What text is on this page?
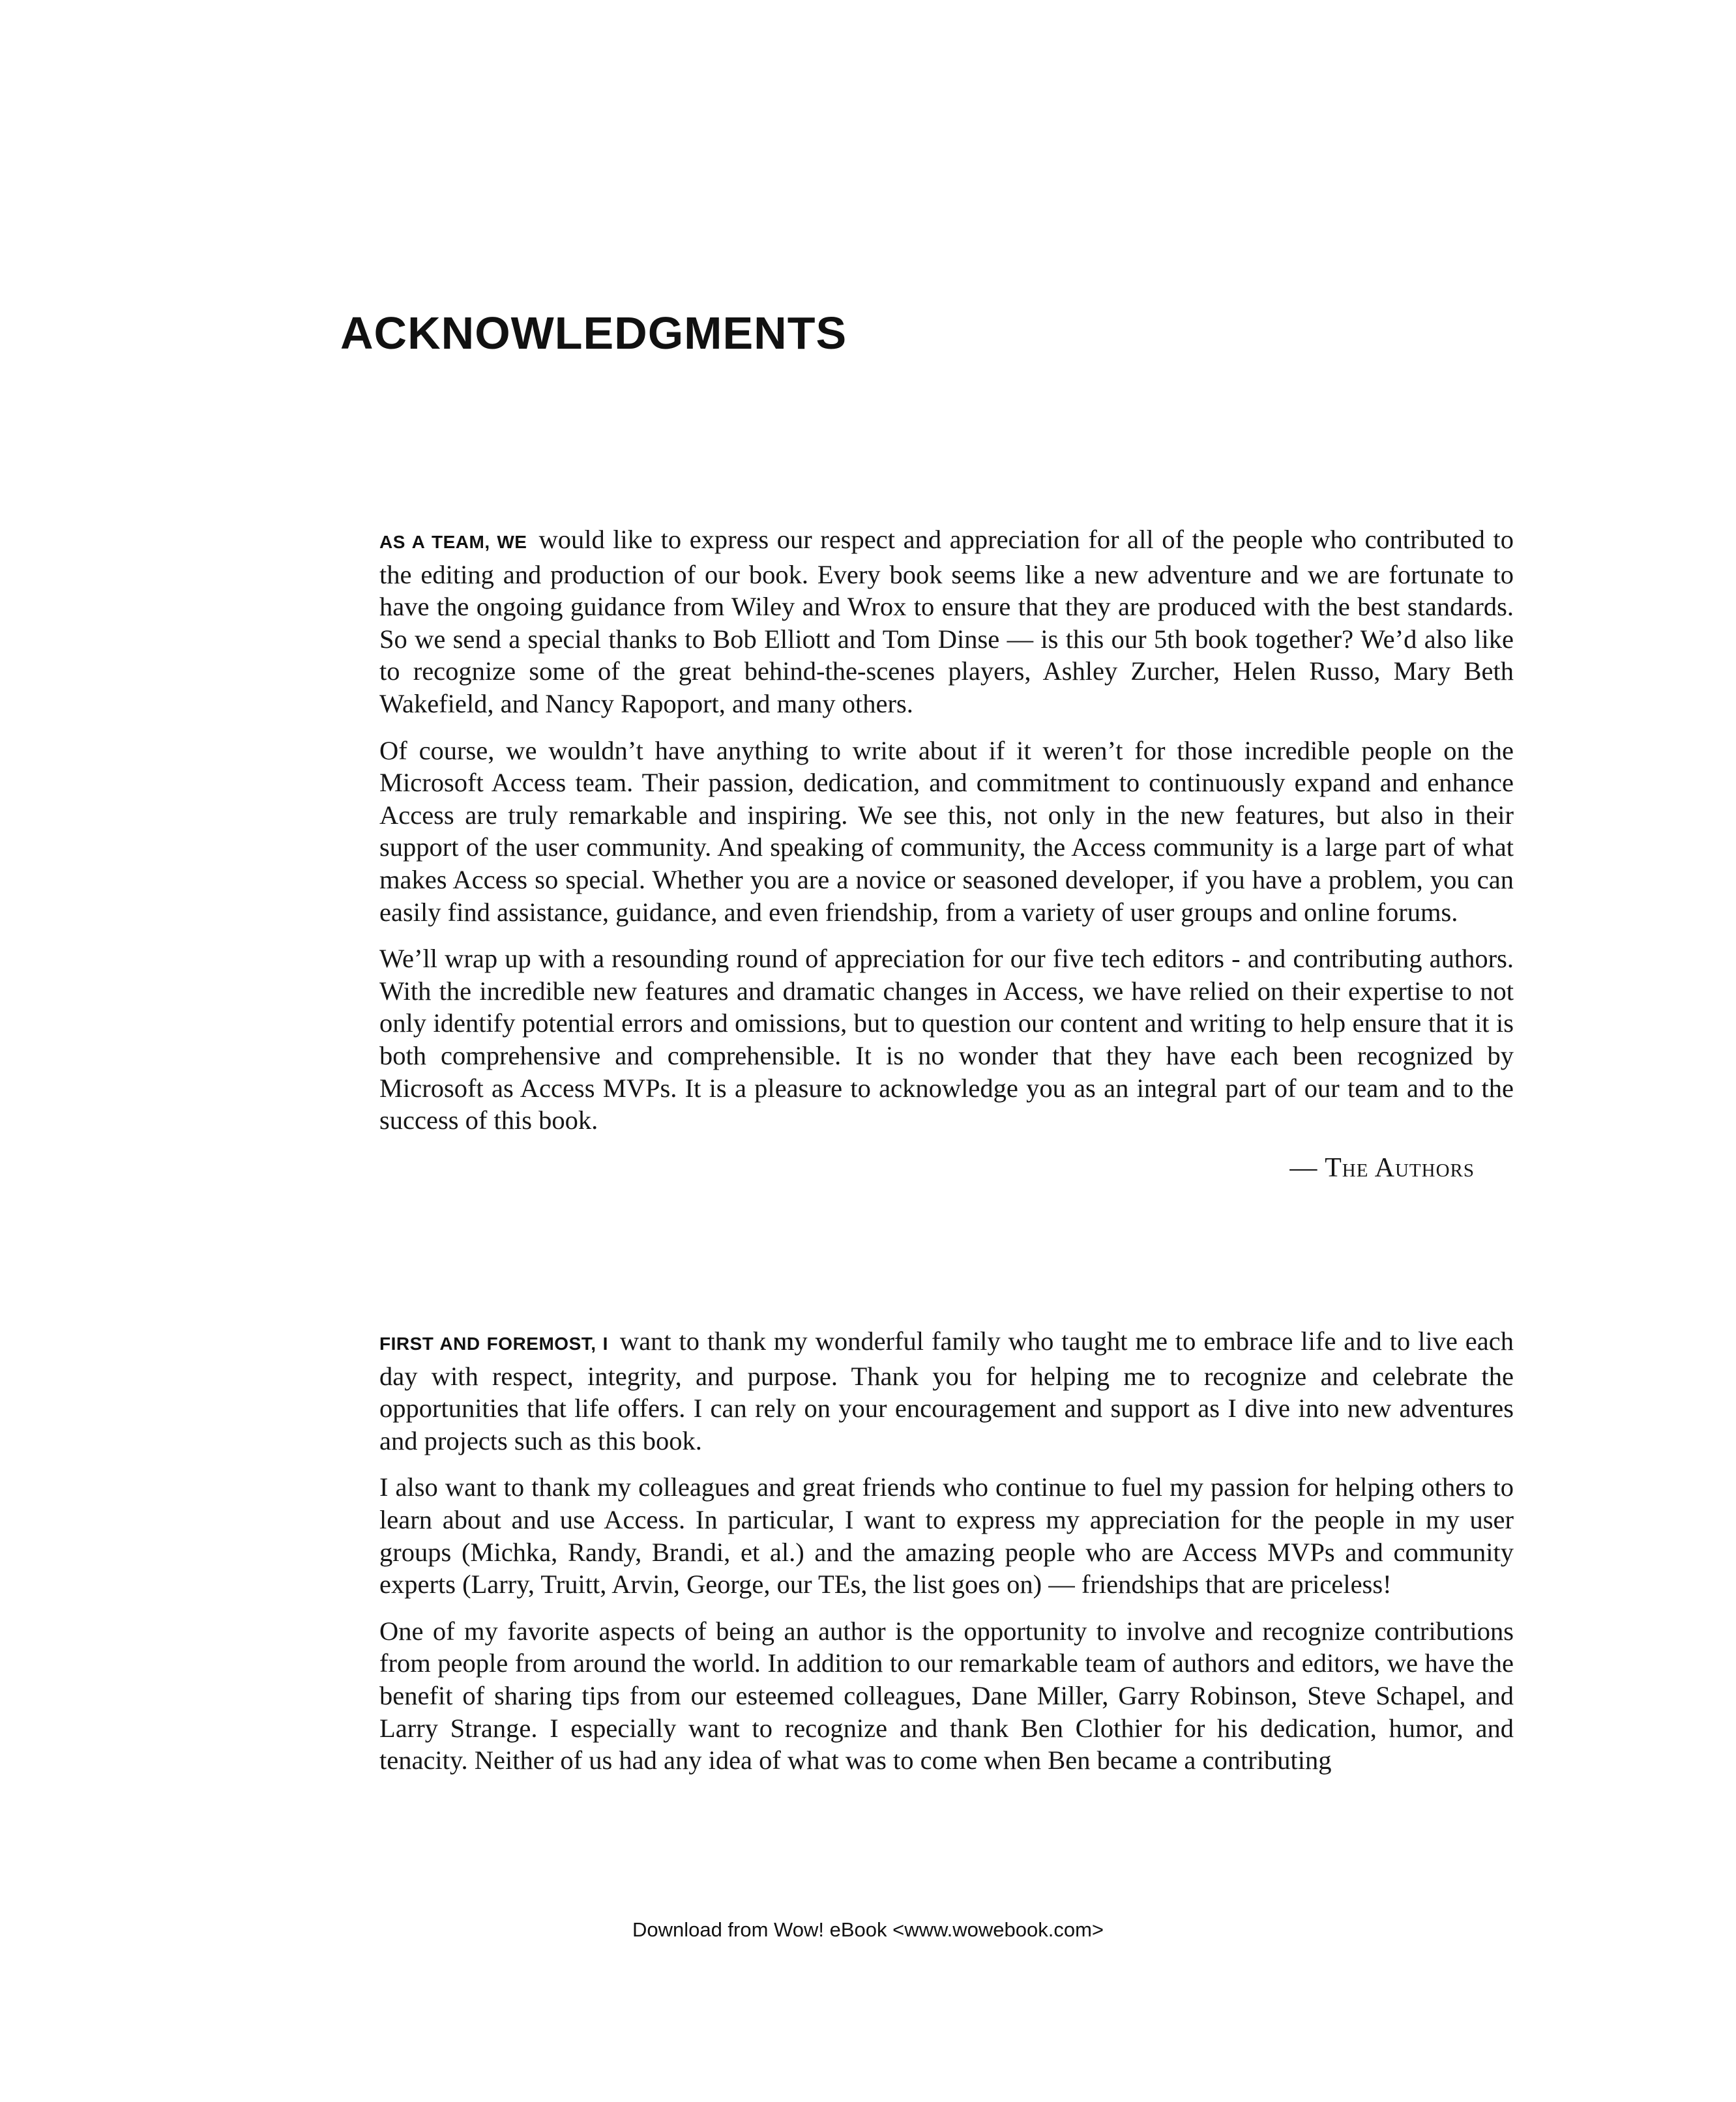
ACKNOWLEDGMENTS

AS A TEAM, WE would like to express our respect and appreciation for all of the people who contributed to the editing and production of our book. Every book seems like a new adventure and we are fortunate to have the ongoing guidance from Wiley and Wrox to ensure that they are produced with the best standards. So we send a special thanks to Bob Elliott and Tom Dinse — is this our 5th book together? We’d also like to recognize some of the great behind-the-scenes players, Ashley Zurcher, Helen Russo, Mary Beth Wakefield, and Nancy Rapoport, and many others.

Of course, we wouldn’t have anything to write about if it weren’t for those incredible people on the Microsoft Access team. Their passion, dedication, and commitment to continuously expand and enhance Access are truly remarkable and inspiring. We see this, not only in the new features, but also in their support of the user community. And speaking of community, the Access community is a large part of what makes Access so special. Whether you are a novice or seasoned developer, if you have a problem, you can easily find assistance, guidance, and even friendship, from a variety of user groups and online forums.

We’ll wrap up with a resounding round of appreciation for our five tech editors - and contributing authors. With the incredible new features and dramatic changes in Access, we have relied on their expertise to not only identify potential errors and omissions, but to question our content and writing to help ensure that it is both comprehensive and comprehensible. It is no wonder that they have each been recognized by Microsoft as Access MVPs. It is a pleasure to acknowledge you as an integral part of our team and to the success of this book.

— The Authors

FIRST AND FOREMOST, I want to thank my wonderful family who taught me to embrace life and to live each day with respect, integrity, and purpose. Thank you for helping me to recognize and celebrate the opportunities that life offers. I can rely on your encouragement and support as I dive into new adventures and projects such as this book.

I also want to thank my colleagues and great friends who continue to fuel my passion for helping others to learn about and use Access. In particular, I want to express my appreciation for the people in my user groups (Michka, Randy, Brandi, et al.) and the amazing people who are Access MVPs and community experts (Larry, Truitt, Arvin, George, our TEs, the list goes on) — friendships that are priceless!

One of my favorite aspects of being an author is the opportunity to involve and recognize contributions from people from around the world. In addition to our remarkable team of authors and editors, we have the benefit of sharing tips from our esteemed colleagues, Dane Miller, Garry Robinson, Steve Schapel, and Larry Strange. I especially want to recognize and thank Ben Clothier for his dedication, humor, and tenacity. Neither of us had any idea of what was to come when Ben became a contributing

Download from Wow! eBook <www.wowebook.com>
